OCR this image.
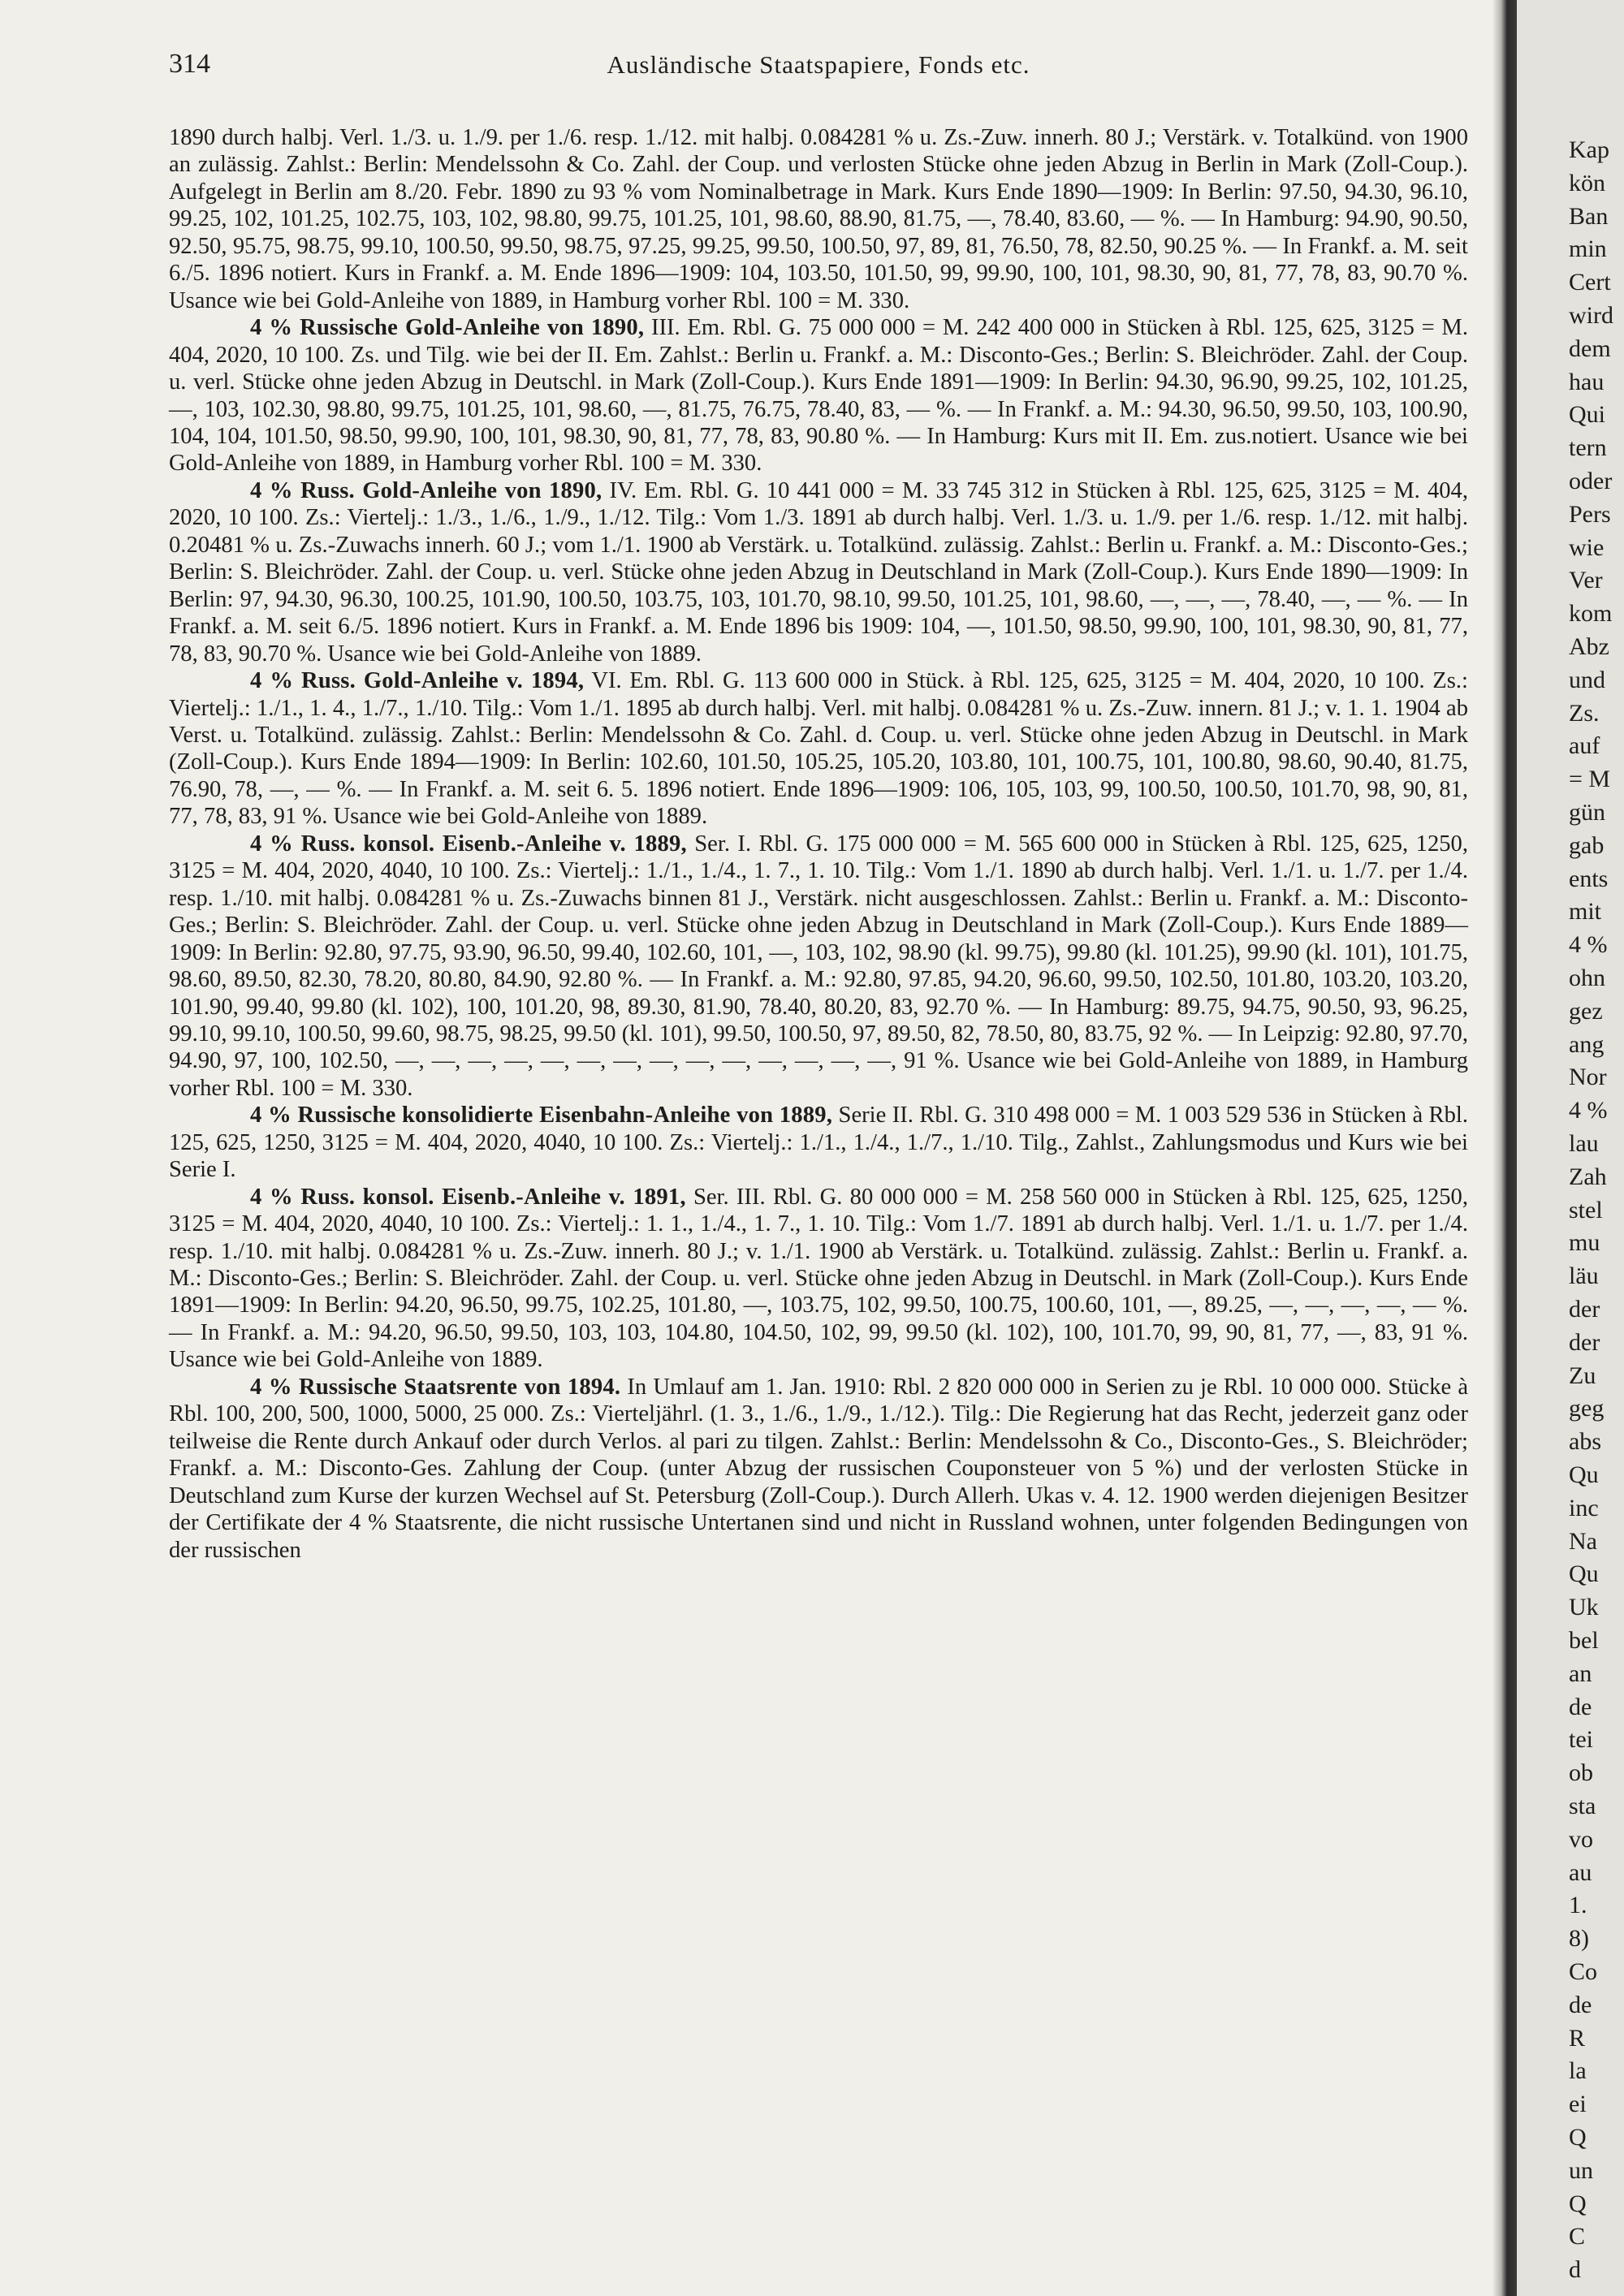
314	Ausländische Staatspapiere, Fonds etc.

1890 durch halbj. Verl. 1./3. u. 1./9. per 1./6. resp. 1./12. mit halbj. 0.084281 % u. Zs.-Zuw. innerh. 80 J.; Verstärk. v. Totalkünd. von 1900 an zulässig. Zahlst.: Berlin: Mendelssohn & Co. Zahl. der Coup. und verlosten Stücke ohne jeden Abzug in Berlin in Mark (Zoll-Coup.). Aufgelegt in Berlin am 8./20. Febr. 1890 zu 93 % vom Nominalbetrage in Mark. Kurs Ende 1890—1909: In Berlin: 97.50, 94.30, 96.10, 99.25, 102, 101.25, 102.75, 103, 102, 98.80, 99.75, 101.25, 101, 98.60, 88.90, 81.75, —, 78.40, 83.60, — %. — In Hamburg: 94.90, 90.50, 92.50, 95.75, 98.75, 99.10, 100.50, 99.50, 98.75, 97.25, 99.25, 99.50, 100.50, 97, 89, 81, 76.50, 78, 82.50, 90.25 %. — In Frankf. a. M. seit 6./5. 1896 notiert. Kurs in Frankf. a. M. Ende 1896—1909: 104, 103.50, 101.50, 99, 99.90, 100, 101, 98.30, 90, 81, 77, 78, 83, 90.70 %. Usance wie bei Gold-Anleihe von 1889, in Hamburg vorher Rbl. 100 = M. 330.

4 % Russische Gold-Anleihe von 1890, III. Em. Rbl. G. 75 000 000 = M. 242 400 000 in Stücken à Rbl. 125, 625, 3125 = M. 404, 2020, 10 100. Zs. und Tilg. wie bei der II. Em. Zahlst.: Berlin u. Frankf. a. M.: Disconto-Ges.; Berlin: S. Bleichröder. Zahl. der Coup. u. verl. Stücke ohne jeden Abzug in Deutschl. in Mark (Zoll-Coup.). Kurs Ende 1891—1909: In Berlin: 94.30, 96.90, 99.25, 102, 101.25, —, 103, 102.30, 98.80, 99.75, 101.25, 101, 98.60, —, 81.75, 76.75, 78.40, 83, — %. — In Frankf. a. M.: 94.30, 96.50, 99.50, 103, 100.90, 104, 104, 101.50, 98.50, 99.90, 100, 101, 98.30, 90, 81, 77, 78, 83, 90.80 %. — In Hamburg: Kurs mit II. Em. zus.notiert. Usance wie bei Gold-Anleihe von 1889, in Hamburg vorher Rbl. 100 = M. 330.

4 % Russ. Gold-Anleihe von 1890, IV. Em. Rbl. G. 10 441 000 = M. 33 745 312 in Stücken à Rbl. 125, 625, 3125 = M. 404, 2020, 10 100. Zs.: Viertelj.: 1./3., 1./6., 1./9., 1./12. Tilg.: Vom 1./3. 1891 ab durch halbj. Verl. 1./3. u. 1./9. per 1./6. resp. 1./12. mit halbj. 0.20481 % u. Zs.-Zuwachs innerh. 60 J.; vom 1./1. 1900 ab Verstärk. u. Totalkünd. zulässig. Zahlst.: Berlin u. Frankf. a. M.: Disconto-Ges.; Berlin: S. Bleichröder. Zahl. der Coup. u. verl. Stücke ohne jeden Abzug in Deutschland in Mark (Zoll-Coup.). Kurs Ende 1890—1909: In Berlin: 97, 94.30, 96.30, 100.25, 101.90, 100.50, 103.75, 103, 101.70, 98.10, 99.50, 101.25, 101, 98.60, —, —, —, 78.40, —, — %. — In Frankf. a. M. seit 6./5. 1896 notiert. Kurs in Frankf. a. M. Ende 1896 bis 1909: 104, —, 101.50, 98.50, 99.90, 100, 101, 98.30, 90, 81, 77, 78, 83, 90.70 %. Usance wie bei Gold-Anleihe von 1889.

4 % Russ. Gold-Anleihe v. 1894, VI. Em. Rbl. G. 113 600 000 in Stück. à Rbl. 125, 625, 3125 = M. 404, 2020, 10 100. Zs.: Viertelj.: 1./1., 1. 4., 1./7., 1./10. Tilg.: Vom 1./1. 1895 ab durch halbj. Verl. mit halbj. 0.084281 % u. Zs.-Zuw. innern. 81 J.; v. 1. 1. 1904 ab Verst. u. Totalkünd. zulässig. Zahlst.: Berlin: Mendelssohn & Co. Zahl. d. Coup. u. verl. Stücke ohne jeden Abzug in Deutschl. in Mark (Zoll-Coup.). Kurs Ende 1894—1909: In Berlin: 102.60, 101.50, 105.25, 105.20, 103.80, 101, 100.75, 101, 100.80, 98.60, 90.40, 81.75, 76.90, 78, —, — %. — In Frankf. a. M. seit 6. 5. 1896 notiert. Ende 1896—1909: 106, 105, 103, 99, 100.50, 100.50, 101.70, 98, 90, 81, 77, 78, 83, 91 %. Usance wie bei Gold-Anleihe von 1889.

4 % Russ. konsol. Eisenb.-Anleihe v. 1889, Ser. I. Rbl. G. 175 000 000 = M. 565 600 000 in Stücken à Rbl. 125, 625, 1250, 3125 = M. 404, 2020, 4040, 10 100. Zs.: Viertelj.: 1./1., 1./4., 1. 7., 1. 10. Tilg.: Vom 1./1. 1890 ab durch halbj. Verl. 1./1. u. 1./7. per 1./4. resp. 1./10. mit halbj. 0.084281 % u. Zs.-Zuwachs binnen 81 J., Verstärk. nicht ausgeschlossen. Zahlst.: Berlin u. Frankf. a. M.: Disconto-Ges.; Berlin: S. Bleichröder. Zahl. der Coup. u. verl. Stücke ohne jeden Abzug in Deutschland in Mark (Zoll-Coup.). Kurs Ende 1889—1909: In Berlin: 92.80, 97.75, 93.90, 96.50, 99.40, 102.60, 101, —, 103, 102, 98.90 (kl. 99.75), 99.80 (kl. 101.25), 99.90 (kl. 101), 101.75, 98.60, 89.50, 82.30, 78.20, 80.80, 84.90, 92.80 %. — In Frankf. a. M.: 92.80, 97.85, 94.20, 96.60, 99.50, 102.50, 101.80, 103.20, 103.20, 101.90, 99.40, 99.80 (kl. 102), 100, 101.20, 98, 89.30, 81.90, 78.40, 80.20, 83, 92.70 %. — In Hamburg: 89.75, 94.75, 90.50, 93, 96.25, 99.10, 99.10, 100.50, 99.60, 98.75, 98.25, 99.50 (kl. 101), 99.50, 100.50, 97, 89.50, 82, 78.50, 80, 83.75, 92 %. — In Leipzig: 92.80, 97.70, 94.90, 97, 100, 102.50, —, —, —, —, —, —, —, —, —, —, —, —, —, —, 91 %. Usance wie bei Gold-Anleihe von 1889, in Hamburg vorher Rbl. 100 = M. 330.

4 % Russische konsolidierte Eisenbahn-Anleihe von 1889, Serie II. Rbl. G. 310 498 000 = M. 1 003 529 536 in Stücken à Rbl. 125, 625, 1250, 3125 = M. 404, 2020, 4040, 10 100. Zs.: Viertelj.: 1./1., 1./4., 1./7., 1./10. Tilg., Zahlst., Zahlungsmodus und Kurs wie bei Serie I.

4 % Russ. konsol. Eisenb.-Anleihe v. 1891, Ser. III. Rbl. G. 80 000 000 = M. 258 560 000 in Stücken à Rbl. 125, 625, 1250, 3125 = M. 404, 2020, 4040, 10 100. Zs.: Viertelj.: 1. 1., 1./4., 1. 7., 1. 10. Tilg.: Vom 1./7. 1891 ab durch halbj. Verl. 1./1. u. 1./7. per 1./4. resp. 1./10. mit halbj. 0.084281 % u. Zs.-Zuw. innerh. 80 J.; v. 1./1. 1900 ab Verstärk. u. Totalkünd. zulässig. Zahlst.: Berlin u. Frankf. a. M.: Disconto-Ges.; Berlin: S. Bleichröder. Zahl. der Coup. u. verl. Stücke ohne jeden Abzug in Deutschl. in Mark (Zoll-Coup.). Kurs Ende 1891—1909: In Berlin: 94.20, 96.50, 99.75, 102.25, 101.80, —, 103.75, 102, 99.50, 100.75, 100.60, 101, —, 89.25, —, —, —, —, — %. — In Frankf. a. M.: 94.20, 96.50, 99.50, 103, 103, 104.80, 104.50, 102, 99, 99.50 (kl. 102), 100, 101.70, 99, 90, 81, 77, —, 83, 91 %. Usance wie bei Gold-Anleihe von 1889.

4 % Russische Staatsrente von 1894. In Umlauf am 1. Jan. 1910: Rbl. 2 820 000 000 in Serien zu je Rbl. 10 000 000. Stücke à Rbl. 100, 200, 500, 1000, 5000, 25 000. Zs.: Vierteljährl. (1. 3., 1./6., 1./9., 1./12.). Tilg.: Die Regierung hat das Recht, jederzeit ganz oder teilweise die Rente durch Ankauf oder durch Verlos. al pari zu tilgen. Zahlst.: Berlin: Mendelssohn & Co., Disconto-Ges., S. Bleichröder; Frankf. a. M.: Disconto-Ges. Zahlung der Coup. (unter Abzug der russischen Couponsteuer von 5 %) und der verlosten Stücke in Deutschland zum Kurse der kurzen Wechsel auf St. Petersburg (Zoll-Coup.). Durch Allerh. Ukas v. 4. 12. 1900 werden diejenigen Besitzer der Certifikate der 4 % Staatsrente, die nicht russische Untertanen sind und nicht in Russland wohnen, unter folgenden Bedingungen von der russischen

Kap
kön
Ban
min
Cert
wird
dem
hau
Qui
tern
oder
Pers
wie
Ver
kom
Abz
und
Zs.
auf
= M
gün
gab
ents
mit
4 %
ohn
gez
ang
Nor
4 %
lau
Zah
stel
mu
läu
der
der
Zu
geg
abs
Qu
inc
Na
Qu
Uk
bel
an
de
tei
ob
sta
vo
au
1.
8)
Co
de
R
la
ei
Q
un
Q
C
d
